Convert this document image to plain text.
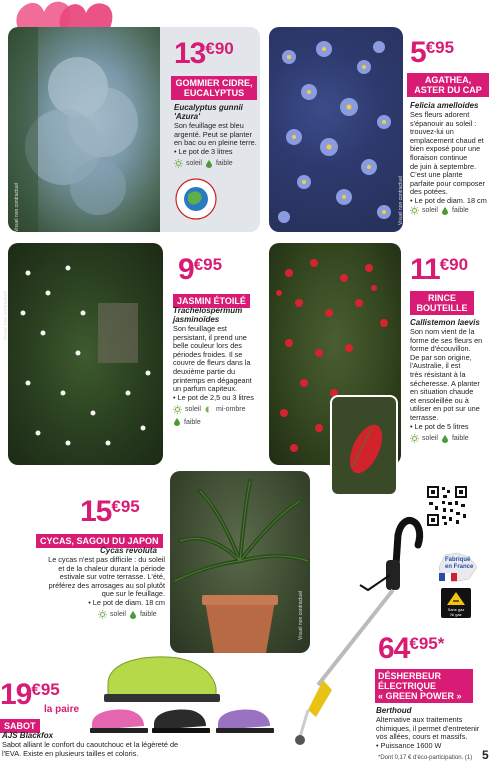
Visuel non contractuel
13€90
GOMMIER CIDRE,
EUCALYPTUS
Eucalyptus gunnii
'Azura'
Son feuillage est bleu
argenté. Peut se planter
en bac ou en pleine terre.
• Le pot de 3 litres
soleil faible
Visuel non contractuel
5€95
AGATHEA,
ASTER DU CAP
Felicia amelloides
Ses fleurs adorent
s'épanouir au soleil :
trouvez-lui un
emplacement chaud et
bien exposé pour une
floraison continue
de juin à septembre.
C'est une plante
parfaite pour composer
des potées.
• Le pot de diam. 18 cm
soleil faible
Visuel non contractuel
9€95
JASMIN ÉTOILÉ
Trachelospermum
jasminoïdes
Son feuillage est
persistant, il prend une
belle couleur lors des
périodes froides. Il se
couvre de fleurs dans la
deuxième partie du
printemps en dégageant
un parfum capiteux.
• Le pot de 2,5 ou 3 litres
soleil mi-ombre
faible
11€90
RINCE
BOUTEILLE
Callistemon laevis
Son nom vient de la
forme de ses fleurs en
forme d'écouvillon.
De par son origine,
l'Australie, il est
très résistant à la
sécheresse. A planter
en situation chaude
et ensoleillée ou à
utiliser en pot sur une
terrasse.
• Le pot de 5 litres
soleil faible
Visuel non contractuel
15€95
CYCAS, SAGOU DU JAPON
Cycas revoluta
Le cycas n'est pas difficile : du soleil
et de la chaleur durant la période
estivale sur votre terrasse. L'été,
préférez des arrosages au sol plutôt
que sur le feuillage.
• Le pot de diam. 18 cm
soleil faible
Fabriqué
en France
Sans gaz
Ni gaz
64€95*
DÉSHERBEUR
ÉLECTRIQUE
« GREEN POWER »
Berthoud
Alternative aux traitements
chimiques, il permet d'entretenir
vos allées, cours et massifs.
• Puissance 1600 W
*Dont 0,17 € d'éco-participation. (1) 5
19€95
la paire
SABOT
AJS Blackfox
Sabot alliant le confort du caoutchouc et la légèreté de
l'EVA. Existe en plusieurs tailles et coloris.
